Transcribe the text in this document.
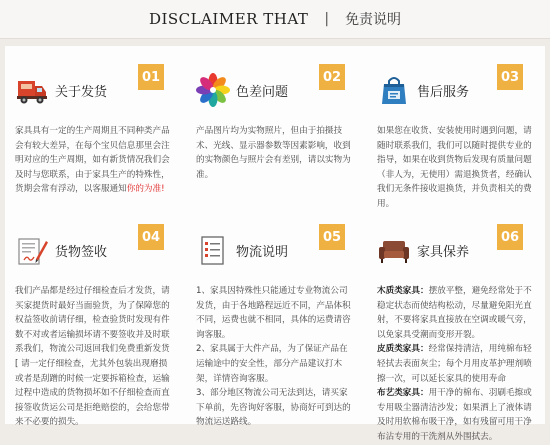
DISCLAIMER THAT | 免责说明
关于发货
01
家具具有一定的生产周期且不同种类产品会有较大差异，在每个宝贝信息那里会注明对应的生产周期，如有新货情况我们会及时与您联系，由于家具生产的特殊性，货期会常有浮动，以客服通知你的为准!
色差问题
02
产品图片均为实物照片，但由于拍摄技术、光线、显示器参数等因素影响，收到的实物颜色与照片会有差别，请以实物为准。
售后服务
03
如果您在收货、安装使用时遇到问题，请随时联系我们，我们可以随时提供专业的指导，如果在收到货物后发现有质量问题（非人为，无使用）需退换货者，经确认我们无条件接收退换货，并负责相关的费用。
货物签收
04
我们产品都是经过仔细检查后才发货，请买家提货时最好当面验货，为了保障您的权益签收前请仔细，检查验货时发现有件数不对或者运输损坏请不要签收并及时联系我们，物流公司返回我们免费重新发货 [ 请一定仔细检查，尤其外包装出现磨损或者是刮蹭的时候一定要拆箱检查，运输过程中造成的货物损坏如不仔细检查而直接签收货运公司是拒绝赔偿的，会给您带来不必要的损失。
物流说明
05
1、家具因特殊性只能通过专业物流公司发货，由于各地路程远近不同，产品体积不同，运费也就不相同，具体的运费请咨询客服。
2、家具属于大件产品，为了保证产品在运输途中的安全性，部分产品建议打木架，详情咨询客服。
3、部分地区物流公司无法到达，请买家下单前，先咨询好客服，协商好可到达的物流运送路线。
家具保养
06
木质类家具：摆放平整，避免经常处于不稳定状态而使结构松动，尽量避免阳光直射，不要将家具直接放在空调或暖气旁，以免家具受潮而变形开裂。
皮质类家具：经常保持清洁，用纯棉布轻轻拭去表面灰尘；每个月用皮革护理剂喷擦一次，可以延长家具的使用寿命
布艺类家具：用干净的棉布、羽刷毛擦或专用吸尘器清洁沙发；如果洒上了液体请及时用软棉布吸干净，如有残留可用干净布沾专用的干洗剂从外围拭去。
